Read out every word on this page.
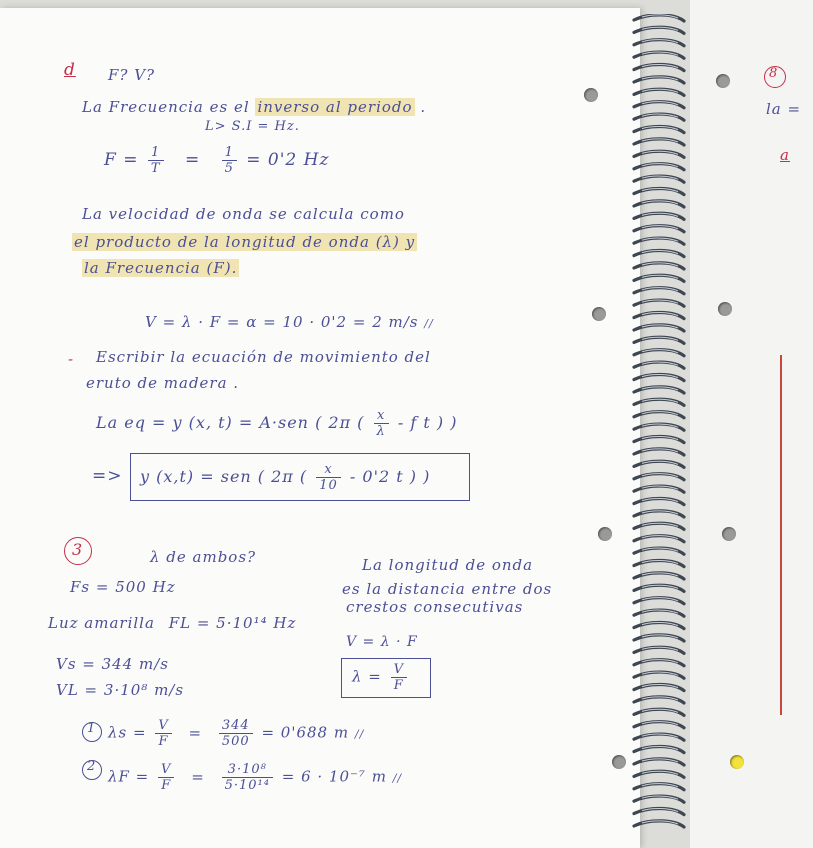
d F? V?
La Frecuencia es el inverso al periodo .
L> S.I = Hz.
$F = \frac{1}{T} = \frac{1}{5} = 0'2$ Hz
La velocidad de onda se calcula como
el producto de la longitud de onda (λ) y
la Frecuencia (F).
V = λ · F = α = 10 · 0'2 = 2 m/s //
- Escribir la ecuación de movimiento del
eruto de madera .
La eq = y (x, t) = A·sen ( 2π ( $\frac{x}{\lambda}$ - f t ) )
=> y (x,t) = sen ( 2π ( $\frac{x}{10} - 0'2$ t ) )
3	λ de ambos?
Fs = 500 Hz
Luz amarilla FL = 5·10¹⁴ Hz
Vs = 344 m/s
VL = 3·10⁸ m/s
La longitud de onda
es la distancia entre dos
crestos consecutivas
V = λ · F
$\lambda = \frac{V}{F}$
1 $\lambda s = \frac{V}{F} = \frac{344}{500} = 0'688$ m //
2
$\lambda F = \frac{V}{F} = \frac{\text{3·10⁸}}{\text{5·10¹⁴}} = 6 \cdot 10^{-7}$ m //
8
la =
a
